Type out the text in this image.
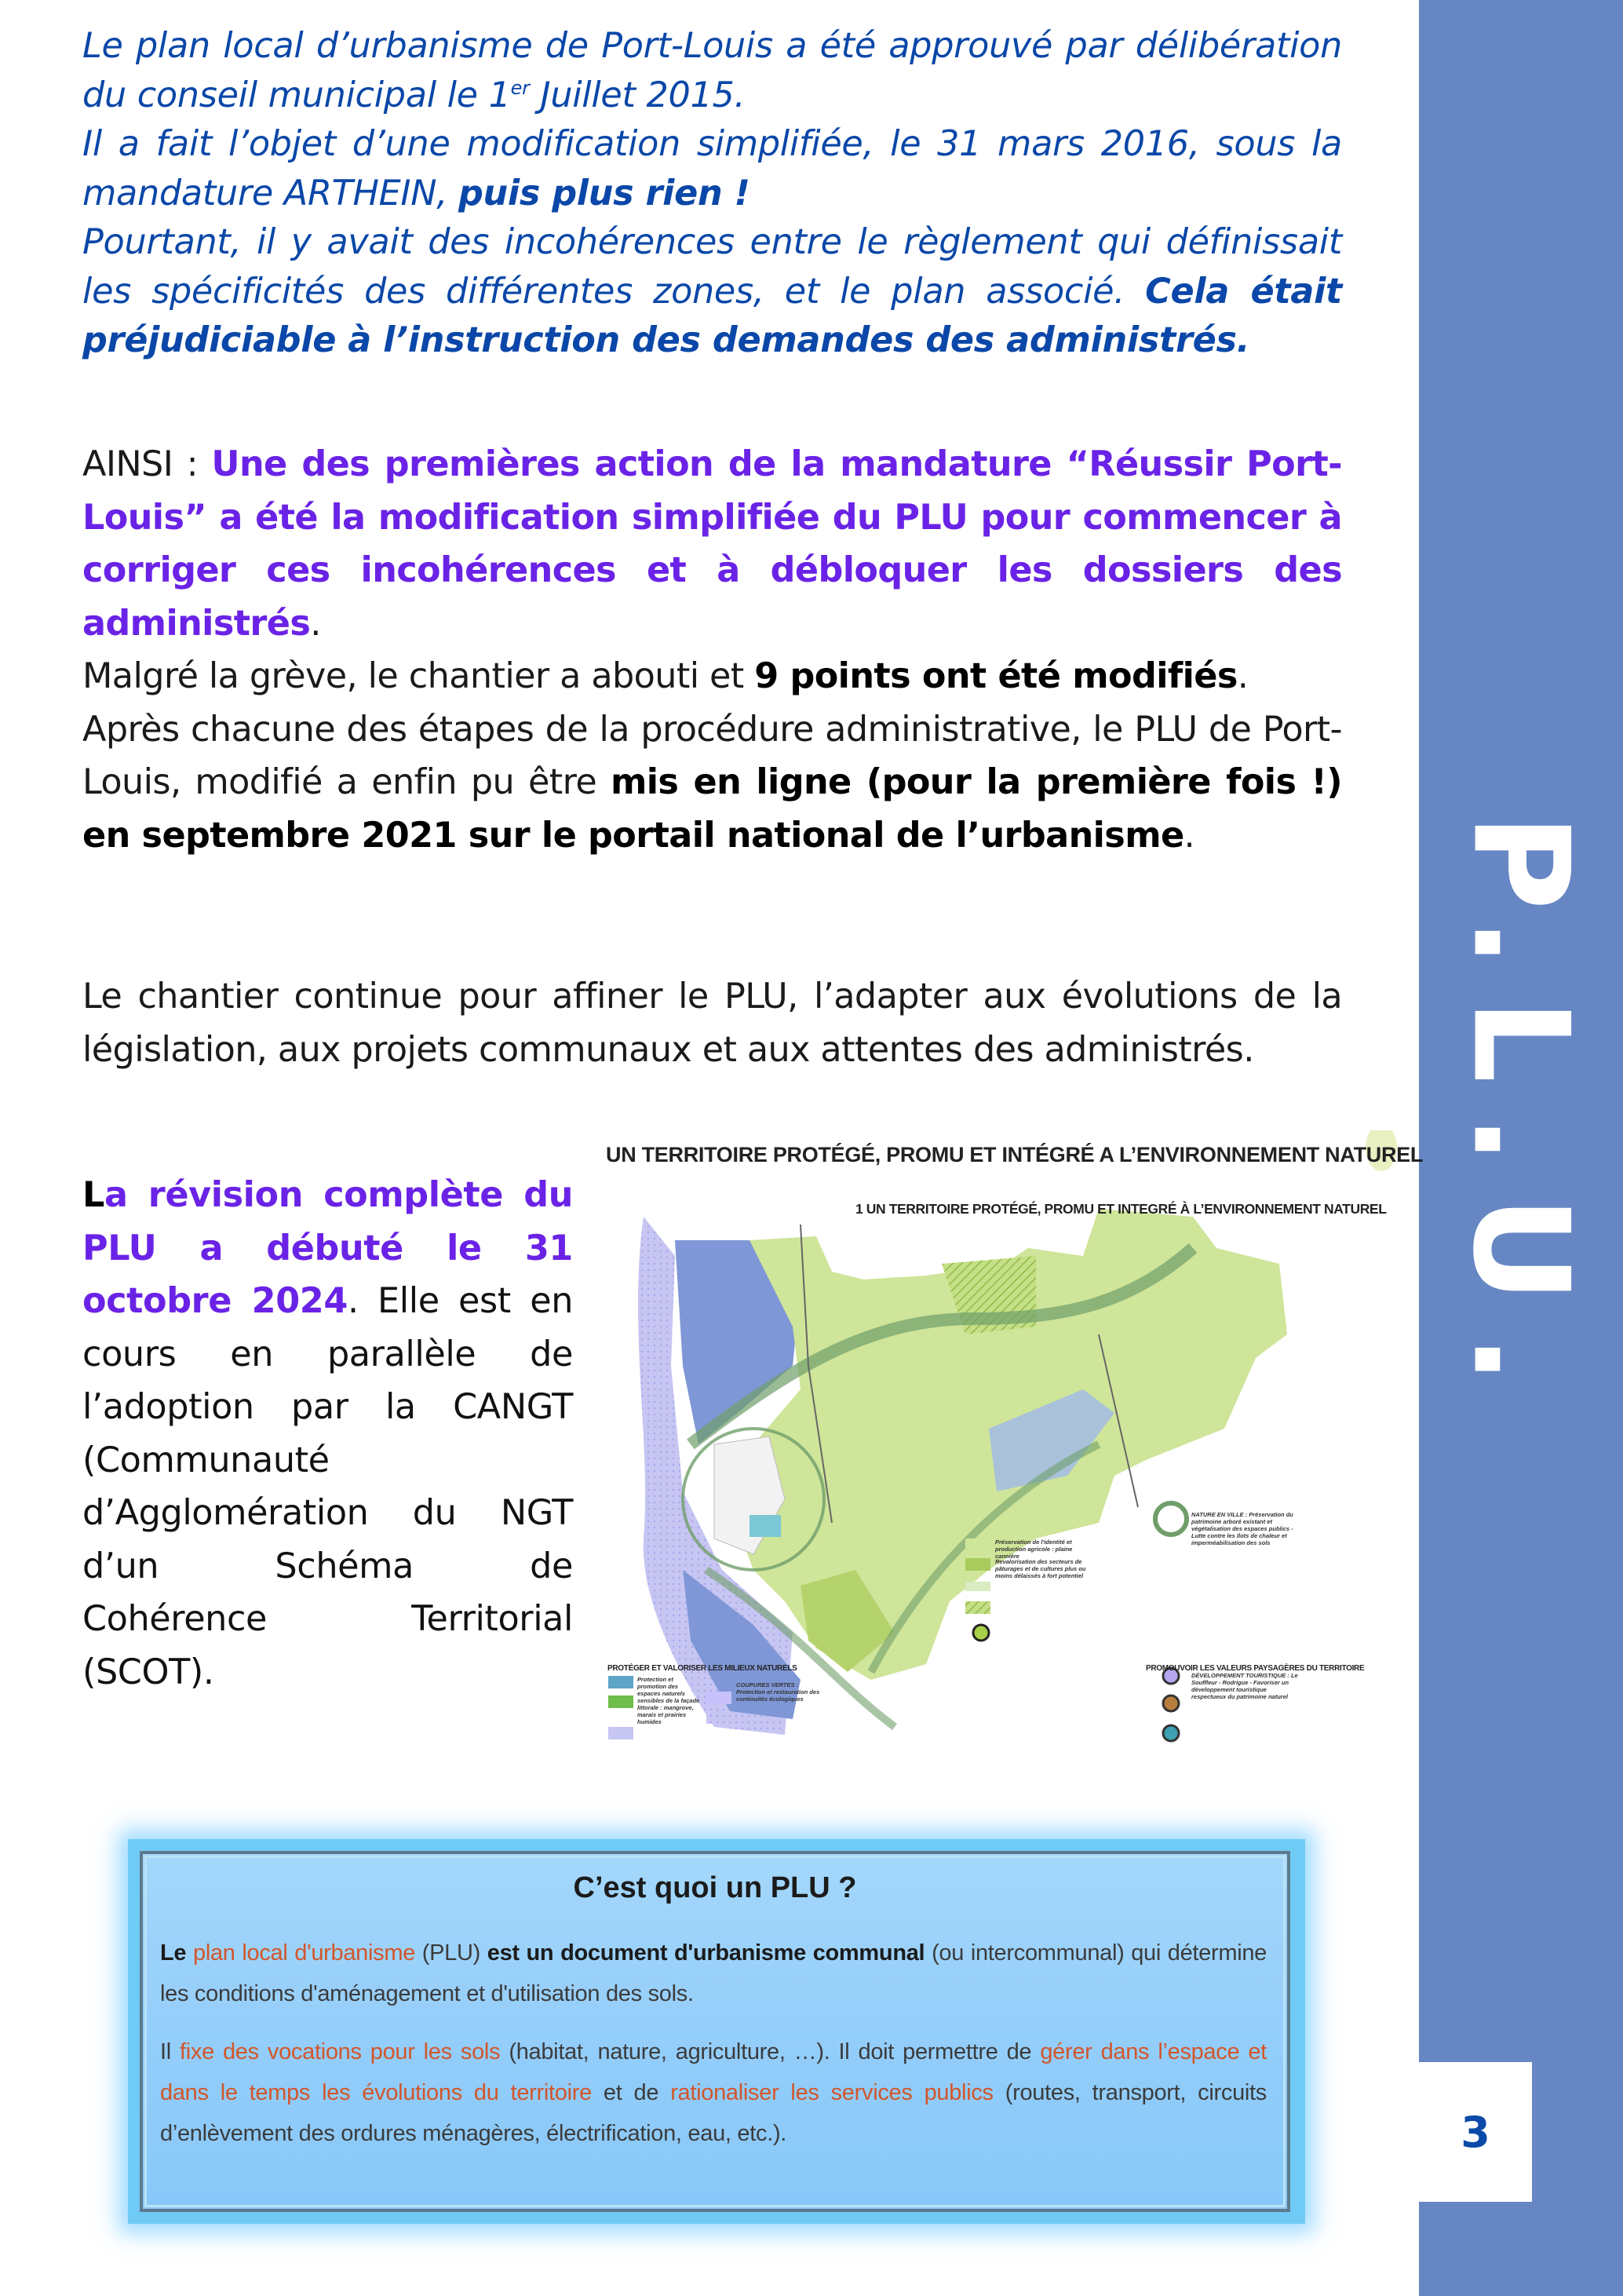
P.L.U.
3

Le plan local d’urbanisme de Port-Louis a été approuvé par délibération du conseil municipal le 1er Juillet 2015.
Il a fait l’objet d’une modification simplifiée, le 31 mars 2016, sous la mandature ARTHEIN, puis plus rien !
Pourtant, il y avait des incohérences entre le règlement qui définissait les spécificités des différentes zones, et le plan associé. Cela était préjudiciable à l’instruction des demandes des administrés.

AINSI : Une des premières action de la mandature “Réussir Port-Louis” a été la modification simplifiée du PLU pour commencer à corriger ces incohérences et à débloquer les dossiers des administrés.
Malgré la grève, le chantier a abouti et 9 points ont été modifiés.
Après chacune des étapes de la procédure administrative, le PLU de Port-Louis, modifié a enfin pu être mis en ligne (pour la première fois !) en septembre 2021 sur le portail national de l’urbanisme.

Le chantier continue pour affiner le PLU, l’adapter aux évolutions de la législation, aux projets communaux et aux attentes des administrés.

La révision complète du
PLU a débuté le 31
octobre 2024. Elle est en
cours en parallèle de
l’adoption par la CANGT
(Communauté
d’Agglomération du NGT
d’un Schéma de
Cohérence Territorial
(SCOT).
UN TERRITOIRE PROTÉGÉ, PROMU ET INTÉGRÉ A L’ENVIRONNEMENT NATUREL
1 UN TERRITOIRE PROTÉGÉ, PROMU ET INTEGRÉ À L’ENVIRONNEMENT NATUREL
PROTÉGER ET VALORISER LES MILIEUX NATURELS	PROMOUVOIR LES VALEURS PAYSAGÈRES DU TERRITOIRE
Protection et promotion des espaces naturels sensibles de la façade littorale : mangrove, marais et prairies humides
COUPURES VERTES : Protection et restauration des continuités écologiques
Préservation de l'identité et production agricole : plaine cannière
Revalorisation des secteurs de pâturages et de cultures plus ou moins délaissés à fort potentiel
NATURE EN VILLE : Préservation du patrimoine arboré existant et végétalisation des espaces publics - Lutte contre les îlots de chaleur et imperméabilisation des sols
DÉVELOPPEMENT TOURISTIQUE : Le Souffleur - Rodrigue - Favoriser un développement touristique respectueux du patrimoine naturel
C’est quoi un PLU ?

Le plan local d'urbanisme (PLU) est un document d'urbanisme communal (ou intercommunal) qui détermine les conditions d'aménagement et d'utilisation des sols.

Il fixe des vocations pour les sols (habitat, nature, agriculture, …). Il doit permettre de gérer dans l’espace et dans le temps les évolutions du territoire et de rationaliser les services publics (routes, transport, circuits d’enlèvement des ordures ménagères, électrification, eau, etc.).
